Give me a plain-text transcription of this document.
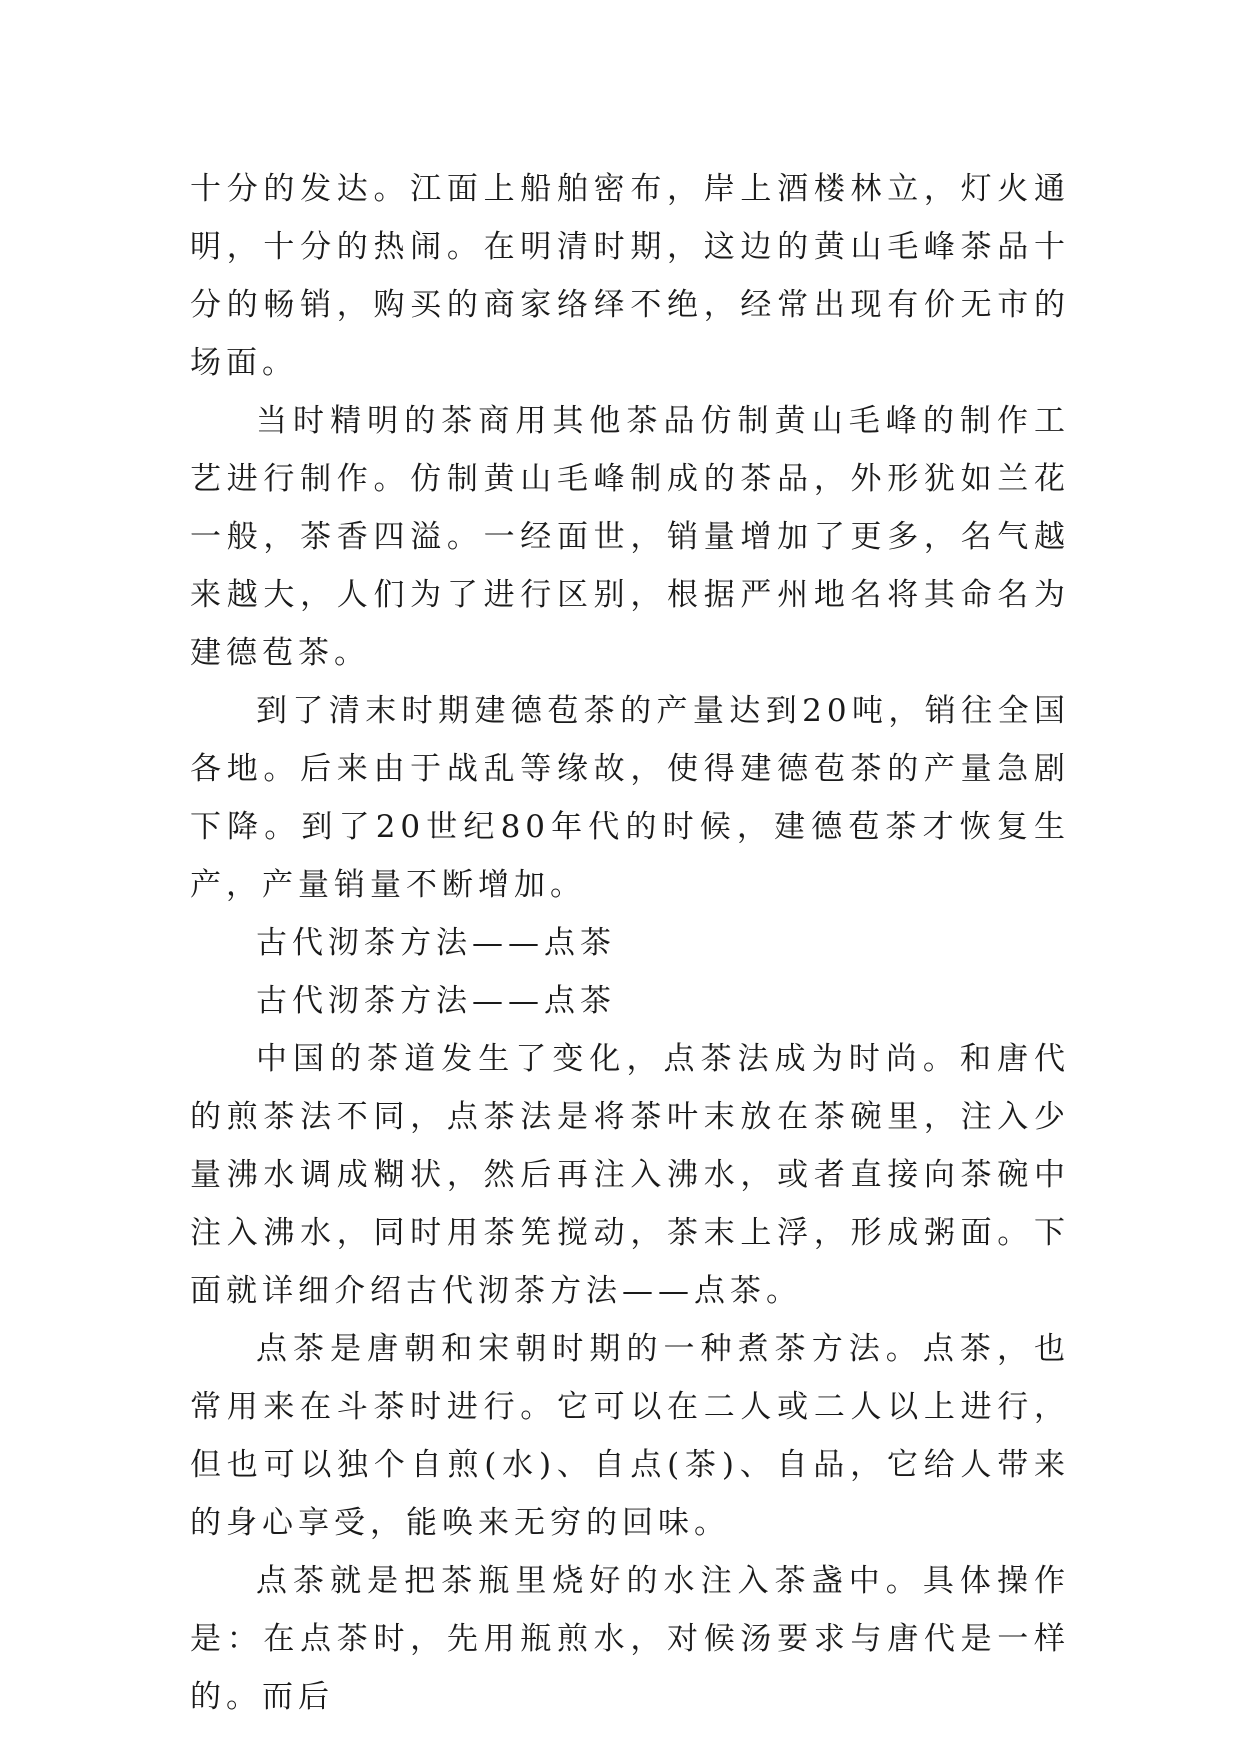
十分的发达。江面上船舶密布，岸上酒楼林立，灯火通明，十分的热闹。在明清时期，这边的黄山毛峰茶品十分的畅销，购买的商家络绎不绝，经常出现有价无市的场面。

当时精明的茶商用其他茶品仿制黄山毛峰的制作工艺进行制作。仿制黄山毛峰制成的茶品，外形犹如兰花一般，茶香四溢。一经面世，销量增加了更多，名气越来越大，人们为了进行区别，根据严州地名将其命名为建德苞茶。

到了清末时期建德苞茶的产量达到20吨，销往全国各地。后来由于战乱等缘故，使得建德苞茶的产量急剧下降。到了20世纪80年代的时候，建德苞茶才恢复生产，产量销量不断增加。

古代沏茶方法——点茶

古代沏茶方法——点茶

中国的茶道发生了变化，点茶法成为时尚。和唐代的煎茶法不同，点茶法是将茶叶末放在茶碗里，注入少量沸水调成糊状，然后再注入沸水，或者直接向茶碗中注入沸水，同时用茶筅搅动，茶末上浮，形成粥面。下面就详细介绍古代沏茶方法——点茶。

点茶是唐朝和宋朝时期的一种煮茶方法。点茶，也常用来在斗茶时进行。它可以在二人或二人以上进行，但也可以独个自煎(水)、自点(茶)、自品，它给人带来的身心享受，能唤来无穷的回味。

点茶就是把茶瓶里烧好的水注入茶盏中。具体操作是：在点茶时，先用瓶煎水，对候汤要求与唐代是一样的。而后
